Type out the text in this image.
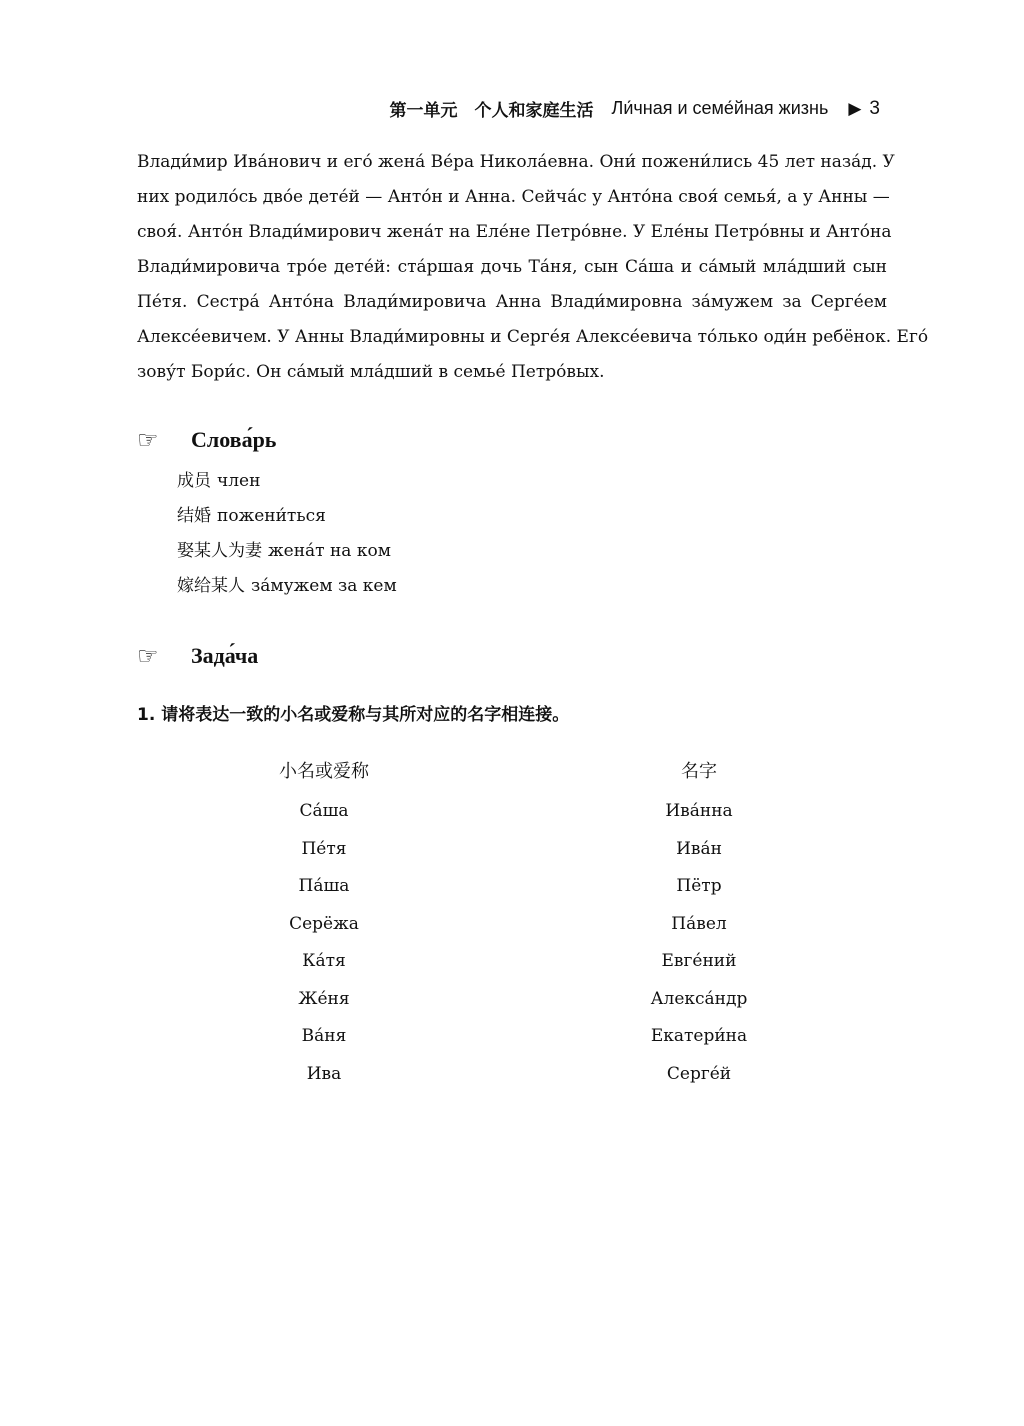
第一单元　个人和家庭生活 Ли́чная и семе́йная жизнь ▶ 3
Влади́мир Ива́нович и его́ жена́ Ве́ра Никола́евна. Они́ пожени́лись 45 лет наза́д. У
них родило́сь дво́е дете́й — Анто́н и Анна. Сейча́с у Анто́на своя́ семья́, а у Анны —
своя́. Анто́н Влади́мирович жена́т на Еле́не Петро́вне. У Еле́ны Петро́вны и Анто́на
Влади́мировича тро́е дете́й: ста́ршая дочь Та́ня, сын Са́ша и са́мый мла́дший сын
Пе́тя. Сестра́ Анто́на Влади́мировича Анна Влади́мировна за́мужем за Серге́ем
Алексе́евичем. У Анны Влади́мировны и Серге́я Алексе́евича то́лько оди́н ребёнок. Его́
зову́т Бори́с. Он са́мый мла́дший в семье́ Петро́вых.
☞	Слова́рь
成员 член
结婚 пожени́ться
娶某人为妻 жена́т на ком
嫁给某人 за́мужем за кем
☞	Зада́ча
1. 请将表达一致的小名或爱称与其所对应的名字相连接。
小名或爱称
Са́ша
Пе́тя
Па́ша
Серёжа
Ка́тя
Же́ня
Ва́ня
Ива
名字
Ива́нна
Ива́н
Пётр
Па́вел
Евге́ний
Алекса́ндр
Екатери́на
Серге́й
